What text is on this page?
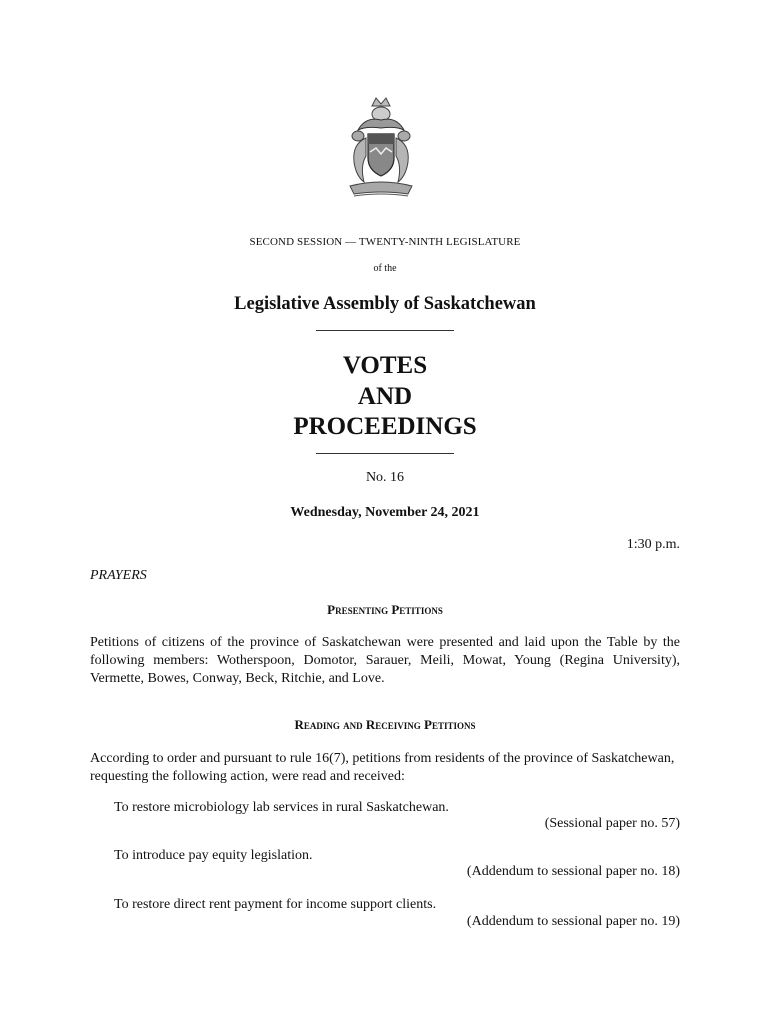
SECOND SESSION — TWENTY-NINTH LEGISLATURE
of the
Legislative Assembly of Saskatchewan
VOTES
AND
PROCEEDINGS
No. 16
Wednesday, November 24, 2021
1:30 p.m.
PRAYERS
Presenting Petitions
Petitions of citizens of the province of Saskatchewan were presented and laid upon the Table by the following members: Wotherspoon, Domotor, Sarauer, Meili, Mowat, Young (Regina University), Vermette, Bowes, Conway, Beck, Ritchie, and Love.
Reading and Receiving Petitions
According to order and pursuant to rule 16(7), petitions from residents of the province of Saskatchewan, requesting the following action, were read and received:
To restore microbiology lab services in rural Saskatchewan.
(Sessional paper no. 57)
To introduce pay equity legislation.
(Addendum to sessional paper no. 18)
To restore direct rent payment for income support clients.
(Addendum to sessional paper no. 19)
